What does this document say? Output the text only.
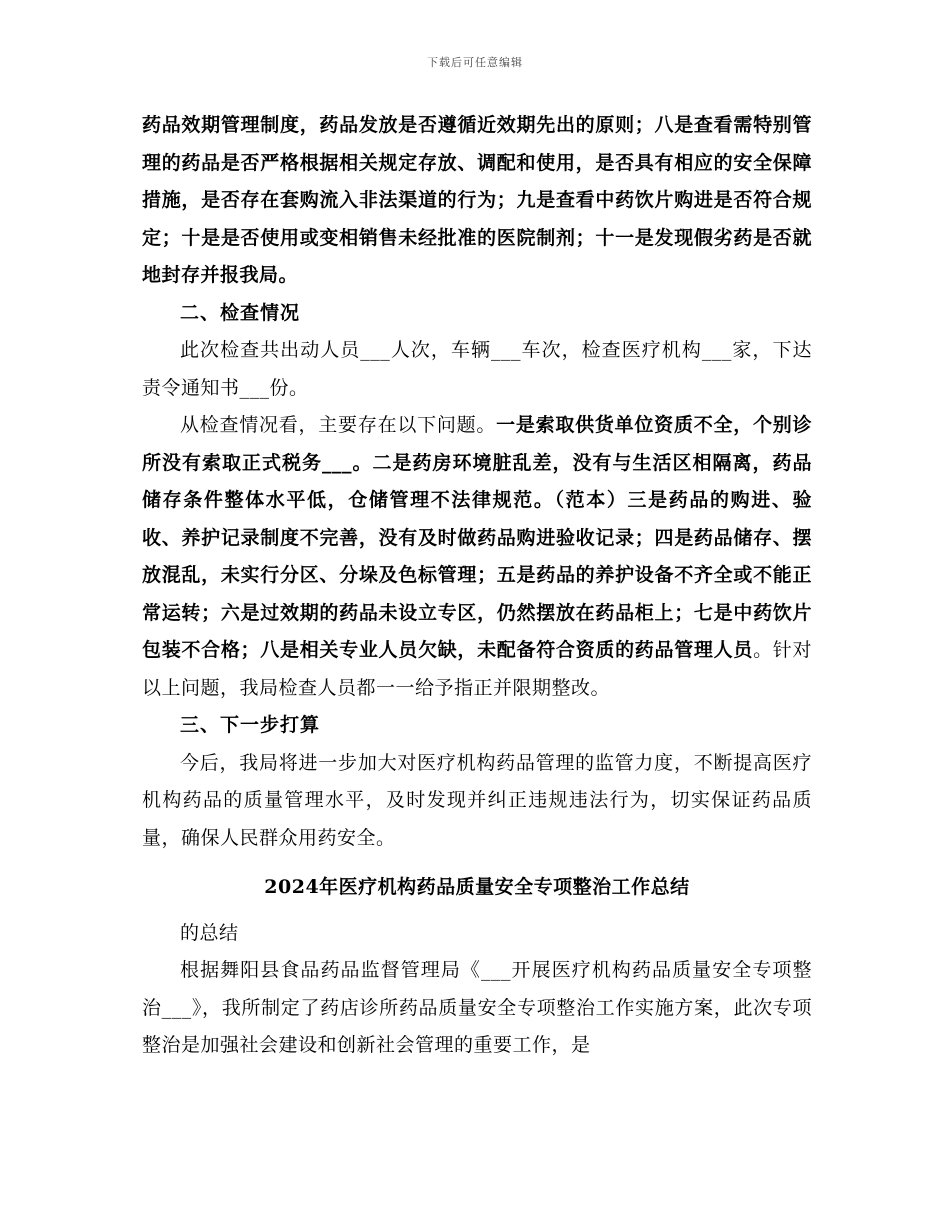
下载后可任意编辑

药品效期管理制度，药品发放是否遵循近效期先出的原则；八是查看需特别管理的药品是否严格根据相关规定存放、调配和使用，是否具有相应的安全保障措施，是否存在套购流入非法渠道的行为；九是查看中药饮片购进是否符合规定；十是是否使用或变相销售未经批准的医院制剂；十一是发现假劣药是否就地封存并报我局。

二、检查情况

此次检查共出动人员___人次，车辆___车次，检查医疗机构___家，下达责令通知书___份。

从检查情况看，主要存在以下问题。一是索取供货单位资质不全，个别诊所没有索取正式税务___。二是药房环境脏乱差，没有与生活区相隔离，药品储存条件整体水平低，仓储管理不法律规范。（范本）三是药品的购进、验收、养护记录制度不完善，没有及时做药品购进验收记录；四是药品储存、摆放混乱，未实行分区、分垛及色标管理；五是药品的养护设备不齐全或不能正常运转；六是过效期的药品未设立专区，仍然摆放在药品柜上；七是中药饮片包装不合格；八是相关专业人员欠缺，未配备符合资质的药品管理人员。针对以上问题，我局检查人员都一一给予指正并限期整改。

三、下一步打算

今后，我局将进一步加大对医疗机构药品管理的监管力度，不断提高医疗机构药品的质量管理水平，及时发现并纠正违规违法行为，切实保证药品质量，确保人民群众用药安全。

2024年医疗机构药品质量安全专项整治工作总结

的总结

根据舞阳县食品药品监督管理局《___开展医疗机构药品质量安全专项整治___》，我所制定了药店诊所药品质量安全专项整治工作实施方案，此次专项整治是加强社会建设和创新社会管理的重要工作，是
